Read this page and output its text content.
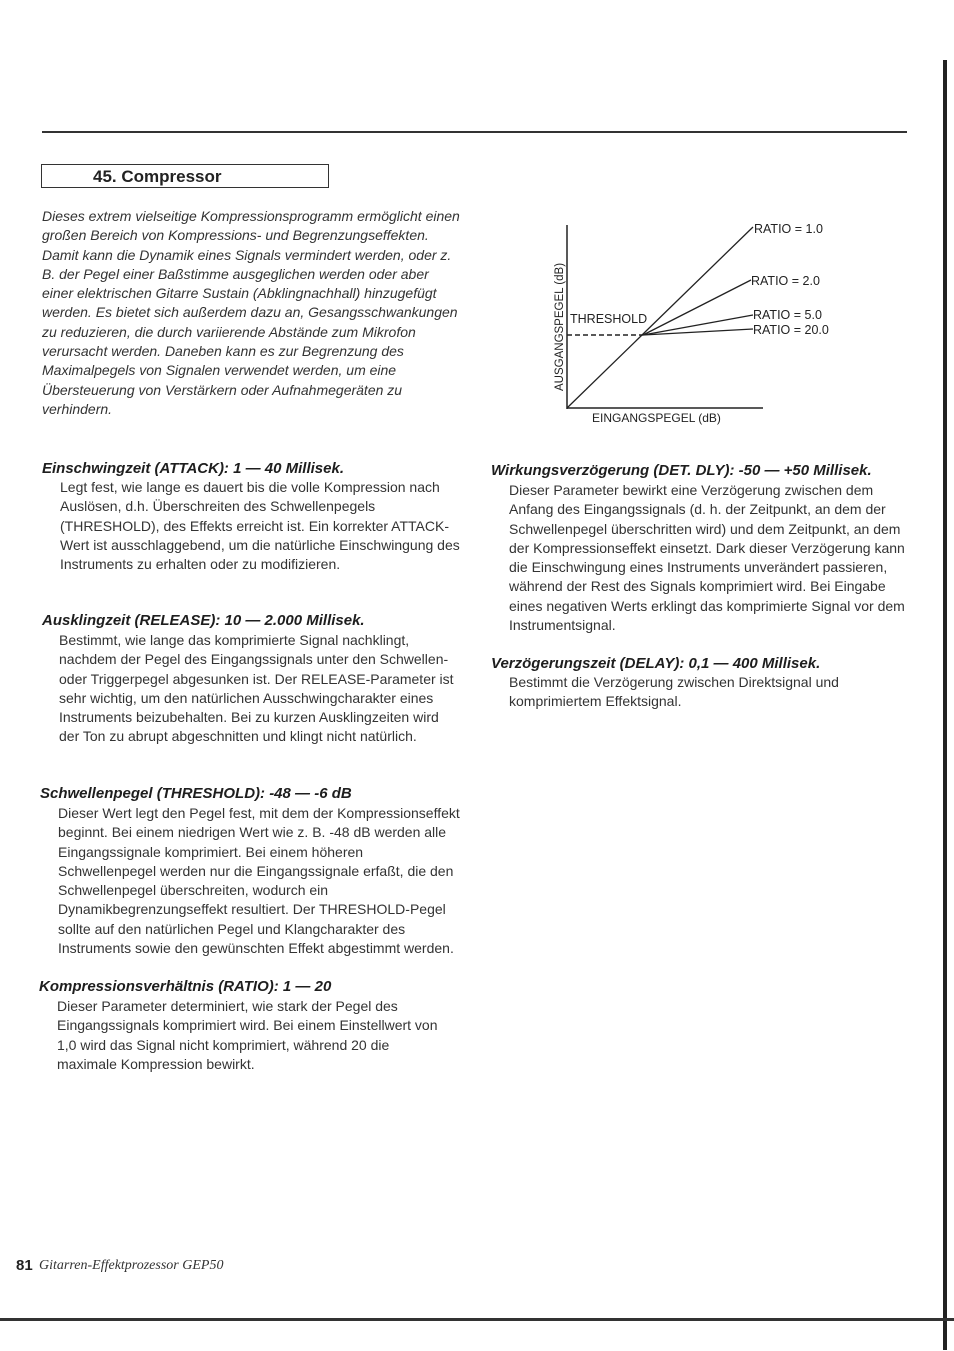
45. Compressor
Dieses extrem vielseitige Kompressionsprogramm ermöglicht einen großen Bereich von Kompressions- und Begrenzungseffekten. Damit kann die Dynamik eines Signals vermindert werden, oder z. B. der Pegel einer Baßstimme ausgeglichen werden oder aber einer elektrischen Gitarre Sustain (Abklingnachhall) hinzugefügt werden. Es bietet sich außerdem dazu an, Gesangsschwankungen zu reduzieren, die durch variierende Abstände zum Mikrofon verursacht werden. Daneben kann es zur Begrenzung des Maximalpegels von Signalen verwendet werden, um eine Übersteuerung von Verstärkern oder Aufnahmegeräten zu verhindern.
THRESHOLD
RATIO = 1.0
RATIO = 2.0
RATIO = 5.0
RATIO = 20.0
EINGANGSPEGEL (dB)
AUSGANGSPEGEL (dB)
Einschwingzeit (ATTACK): 1 — 40 Millisek.
Legt fest, wie lange es dauert bis die volle Kompression nach Auslösen, d.h. Überschreiten des Schwellenpegels (THRESHOLD), des Effekts erreicht ist. Ein korrekter ATTACK-Wert ist ausschlaggebend, um die natürliche Einschwingung des Instruments zu erhalten oder zu modifizieren.
Ausklingzeit (RELEASE): 10 — 2.000 Millisek.
Bestimmt, wie lange das komprimierte Signal nachklingt, nachdem der Pegel des Eingangssignals unter den Schwellen- oder Triggerpegel abgesunken ist. Der RELEASE-Parameter ist sehr wichtig, um den natürlichen Ausschwingcharakter eines Instruments beizubehalten. Bei zu kurzen Ausklingzeiten wird der Ton zu abrupt abgeschnitten und klingt nicht natürlich.
Schwellenpegel (THRESHOLD): -48 — -6 dB
Dieser Wert legt den Pegel fest, mit dem der Kompressionseffekt beginnt. Bei einem niedrigen Wert wie z. B. -48 dB werden alle Eingangssignale komprimiert. Bei einem höheren Schwellenpegel werden nur die Eingangssignale erfaßt, die den Schwellenpegel überschreiten, wodurch ein Dynamikbegrenzungseffekt resultiert. Der THRESHOLD-Pegel sollte auf den natürlichen Pegel und Klangcharakter des Instruments sowie den gewünschten Effekt abgestimmt werden.
Kompressionsverhältnis (RATIO): 1 — 20
Dieser Parameter determiniert, wie stark der Pegel des Eingangssignals komprimiert wird. Bei einem Einstellwert von 1,0 wird das Signal nicht komprimiert, während 20 die maximale Kompression bewirkt.
Wirkungsverzögerung (DET. DLY): -50 — +50 Millisek.
Dieser Parameter bewirkt eine Verzögerung zwischen dem Anfang des Eingangssignals (d. h. der Zeitpunkt, an dem der Schwellenpegel überschritten wird) und dem Zeitpunkt, an dem der Kompressionseffekt einsetzt. Dark dieser Verzögerung kann die Einschwingung eines Instruments unverändert passieren, während der Rest des Signals komprimiert wird. Bei Eingabe eines negativen Werts erklingt das komprimierte Signal vor dem Instrumentsignal.
Verzögerungszeit (DELAY): 0,1 — 400 Millisek.
Bestimmt die Verzögerung zwischen Direktsignal und komprimiertem Effektsignal.
81 Gitarren-Effektprozessor GEP50
